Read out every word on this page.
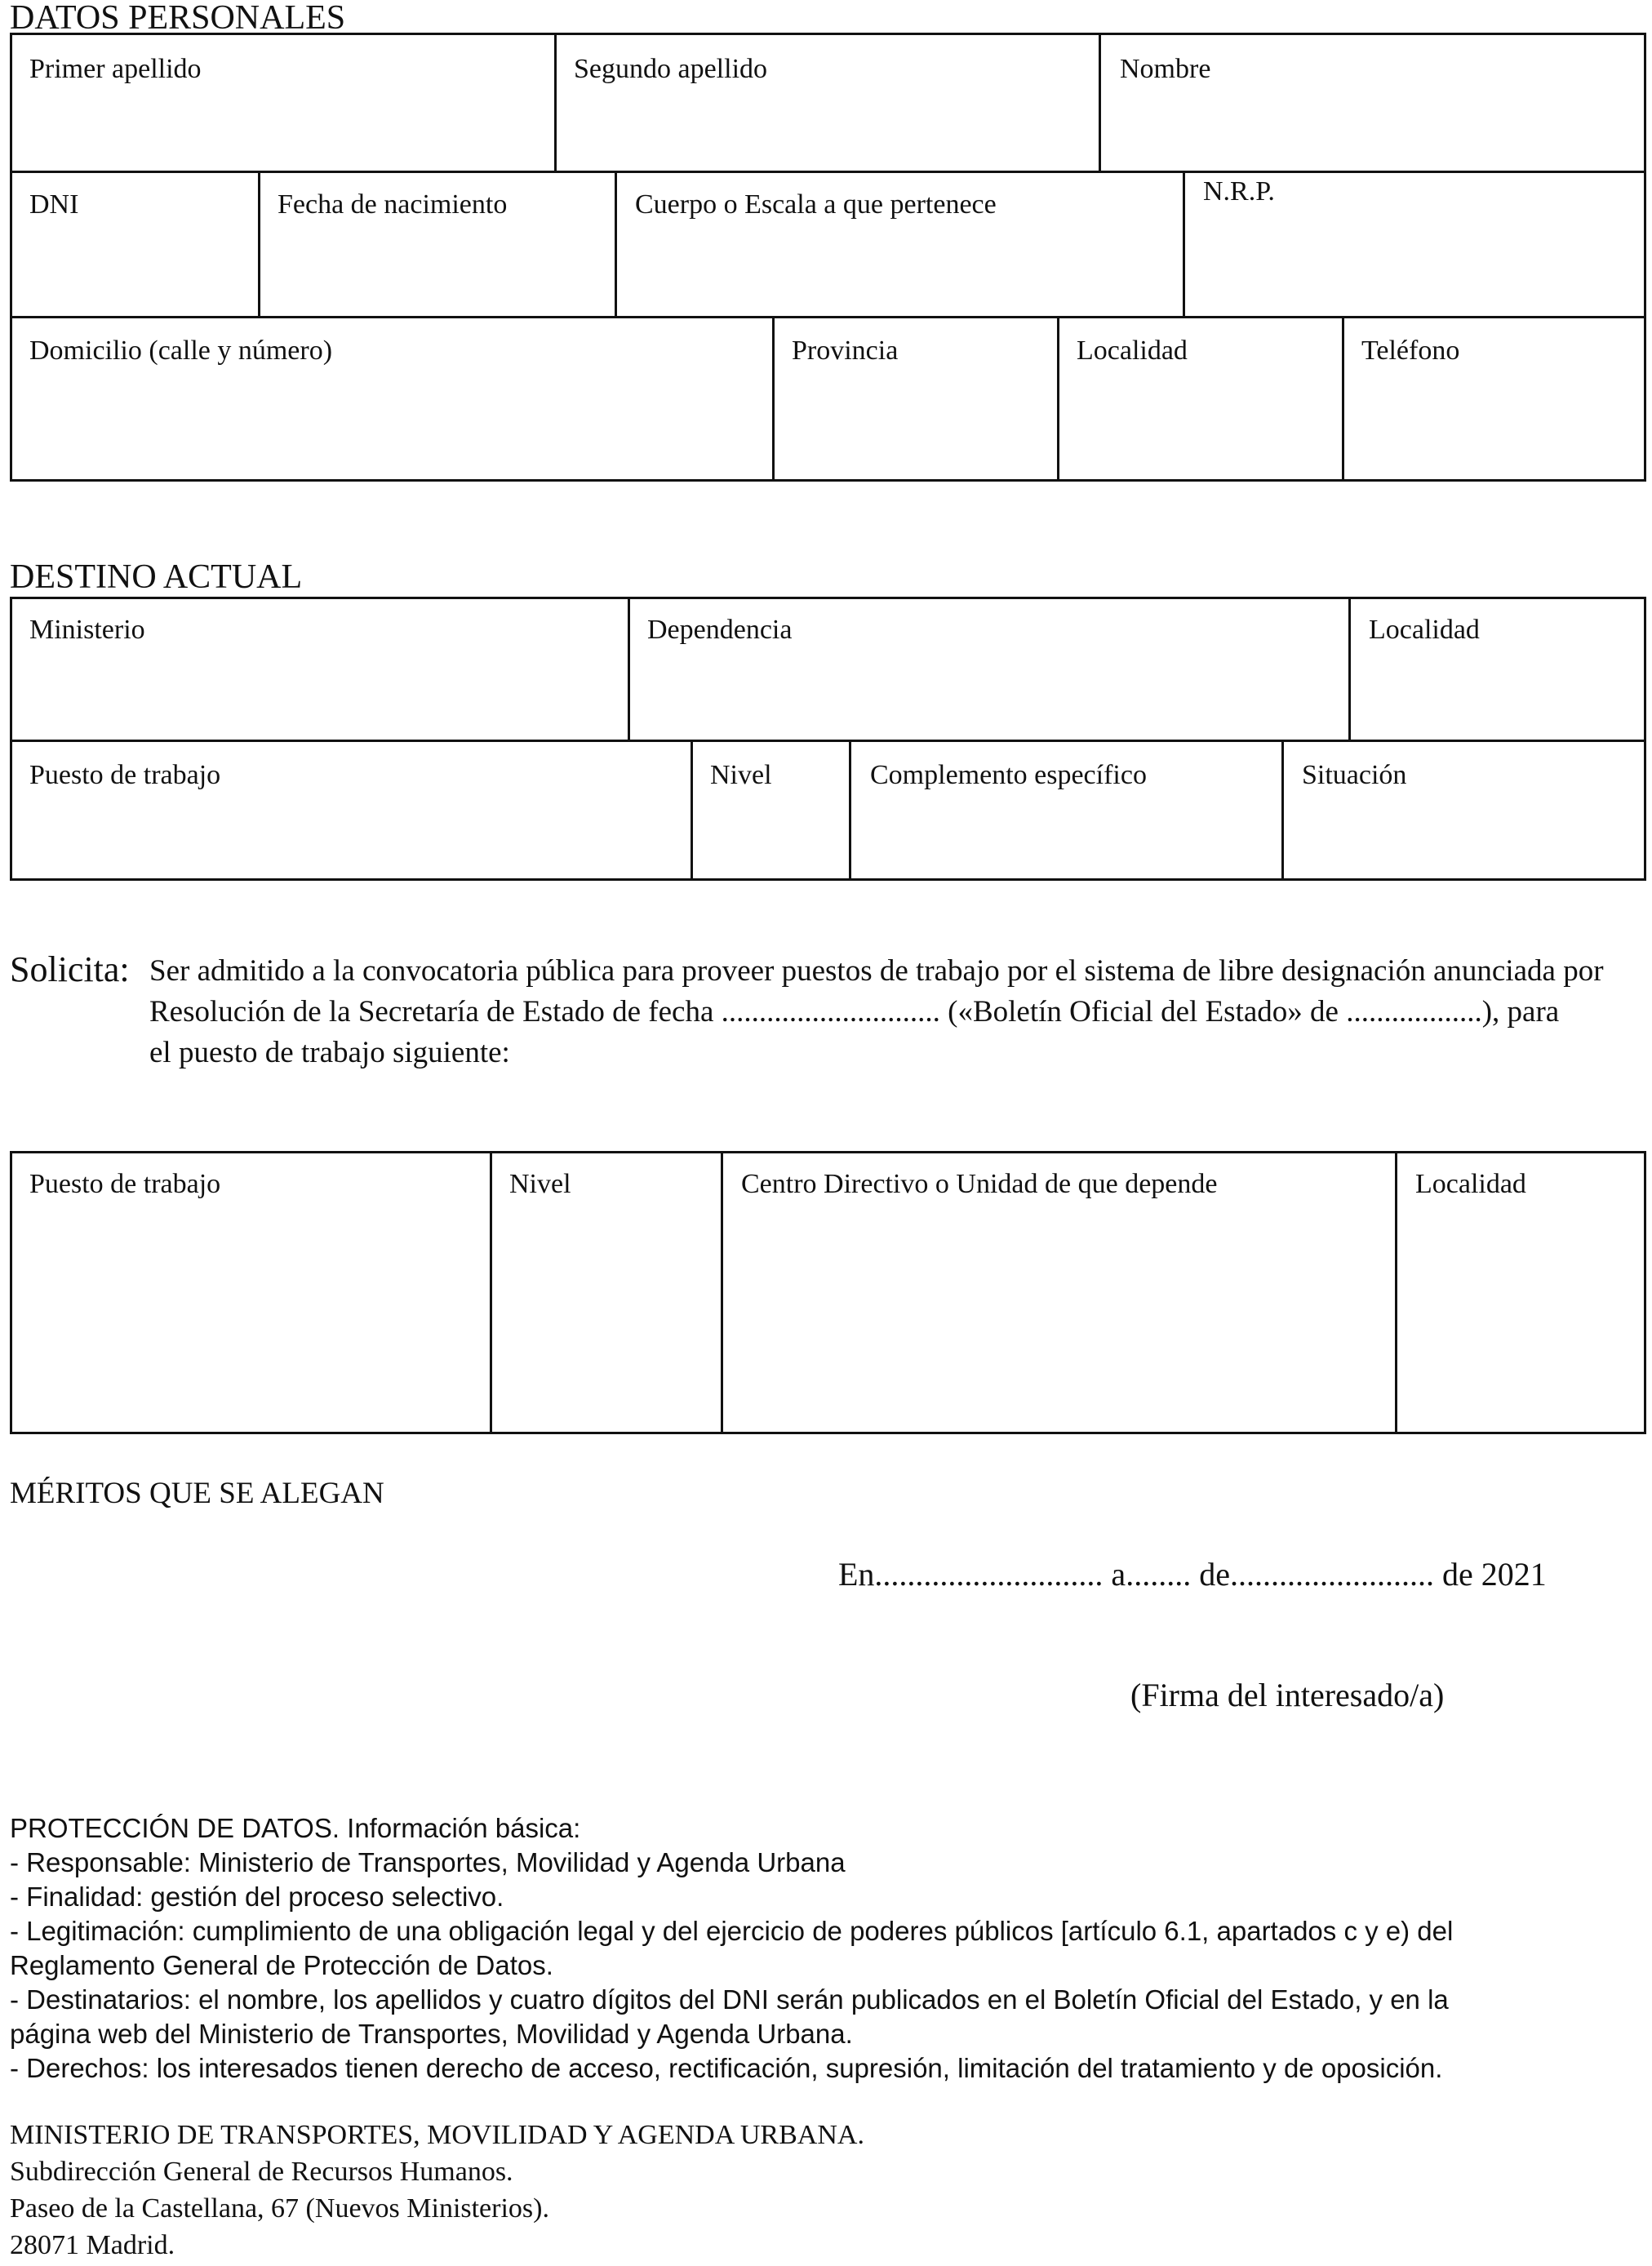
DATOS PERSONALES
Primer apellido	Segundo apellido	Nombre
DNI	Fecha de nacimiento	Cuerpo o Escala a que pertenece	N.R.P.
Domicilio (calle y número)	Provincia	Localidad	Teléfono
DESTINO ACTUAL
Ministerio	Dependencia	Localidad
Puesto de trabajo	Nivel	Complemento específico	Situación
Solicita: Ser admitido a la convocatoria pública para proveer puestos de trabajo por el sistema de libre designación anunciada por
Resolución de la Secretaría de Estado de fecha ............................. («Boletín Oficial del Estado» de ..................), para
el puesto de trabajo siguiente:
Puesto de trabajo	Nivel	Centro Directivo o Unidad de que depende	Localidad
MÉRITOS QUE SE ALEGAN
En............................ a........ de......................... de 2021
(Firma del interesado/a)
PROTECCIÓN DE DATOS. Información básica:
- Responsable: Ministerio de Transportes, Movilidad y Agenda Urbana
- Finalidad: gestión del proceso selectivo.
- Legitimación: cumplimiento de una obligación legal y del ejercicio de poderes públicos [artículo 6.1, apartados c y e) del
Reglamento General de Protección de Datos.
- Destinatarios: el nombre, los apellidos y cuatro dígitos del DNI serán publicados en el Boletín Oficial del Estado, y en la
página web del Ministerio de Transportes, Movilidad y Agenda Urbana.
- Derechos: los interesados tienen derecho de acceso, rectificación, supresión, limitación del tratamiento y de oposición.
MINISTERIO DE TRANSPORTES, MOVILIDAD Y AGENDA URBANA.
Subdirección General de Recursos Humanos.
Paseo de la Castellana, 67 (Nuevos Ministerios).
28071 Madrid.
